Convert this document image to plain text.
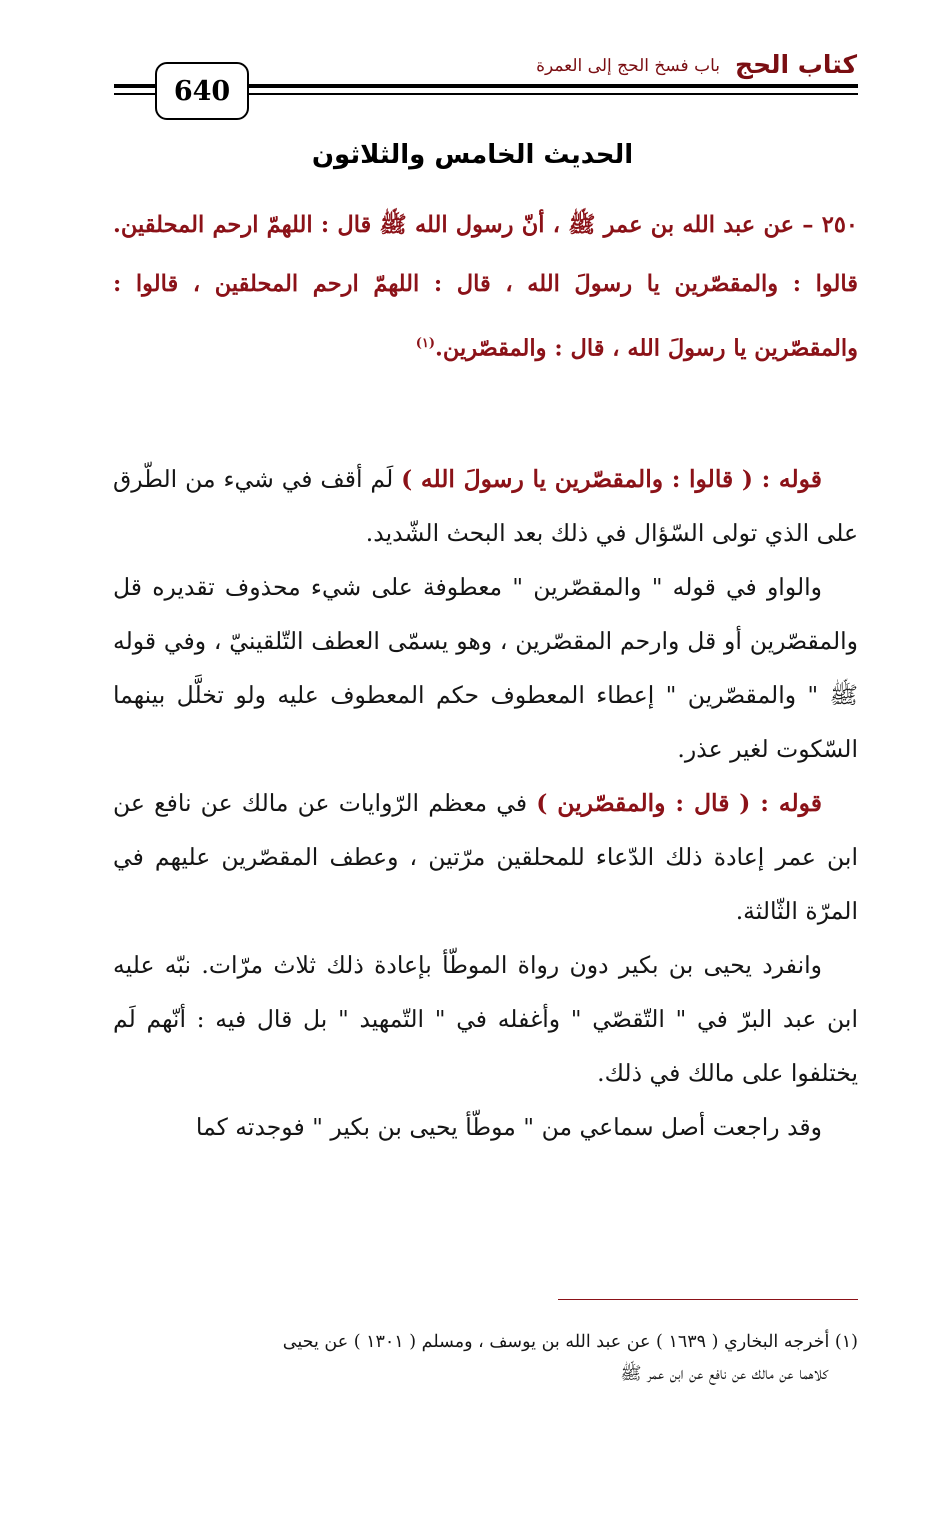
640
كتاب الحج
باب فسخ الحج إلى العمرة
الحديث الخامس والثلاثون
٢٥٠ – عن عبد الله بن عمر ﷺ ، أنّ رسول الله ﷺ قال : اللهمّ ارحم المحلقين. قالوا : والمقصّرين يا رسولَ الله ، قال : اللهمّ ارحم المحلقين ، قالوا : والمقصّرين يا رسولَ الله ، قال : والمقصّرين.$^{(١)}$

قوله : ( قالوا : والمقصّرين يا رسولَ الله ) لَم أقف في شيء من الطّرق على الذي تولى السّؤال في ذلك بعد البحث الشّديد.

والواو في قوله " والمقصّرين " معطوفة على شيء محذوف تقديره قل والمقصّرين أو قل وارحم المقصّرين ، وهو يسمّى العطف التّلقينيّ ، وفي قوله ﷺ " والمقصّرين " إعطاء المعطوف حكم المعطوف عليه ولو تخلَّل بينهما السّكوت لغير عذر.

قوله : ( قال : والمقصّرين ) في معظم الرّوايات عن مالك عن نافع عن ابن عمر إعادة ذلك الدّعاء للمحلقين مرّتين ، وعطف المقصّرين عليهم في المرّة الثّالثة.

وانفرد يحيى بن بكير دون رواة الموطّأ بإعادة ذلك ثلاث مرّات. نبّه عليه ابن عبد البرّ في " التّقصّي " وأغفله في " التّمهيد " بل قال فيه : أنّهم لَم يختلفوا على مالك في ذلك.

وقد راجعت أصل سماعي من " موطّأ يحيى بن بكير " فوجدته كما

(١) أخرجه البخاري ( ١٦٣٩ ) عن عبد الله بن يوسف ، ومسلم ( ١٣٠١ ) عن يحيى
كلاهما عن مالك عن نافع عن ابن عمر ﷺ
